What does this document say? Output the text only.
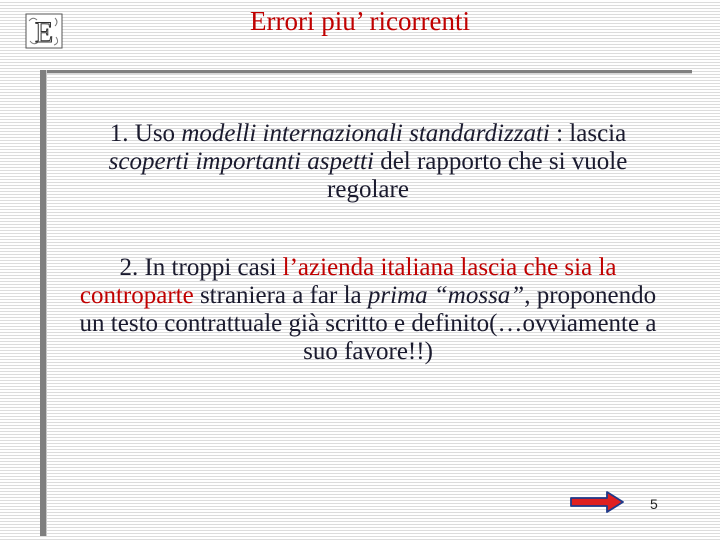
E	Errori piu’ ricorrenti

1. Uso modelli internazionali standardizzati : lascia scoperti importanti aspetti del rapporto che si vuole regolare

2. In troppi casi l’azienda italiana lascia che sia la controparte straniera a far la prima “mossa”, proponendo un testo contrattuale già scritto e definito(…ovviamente a suo favore!!)

5
